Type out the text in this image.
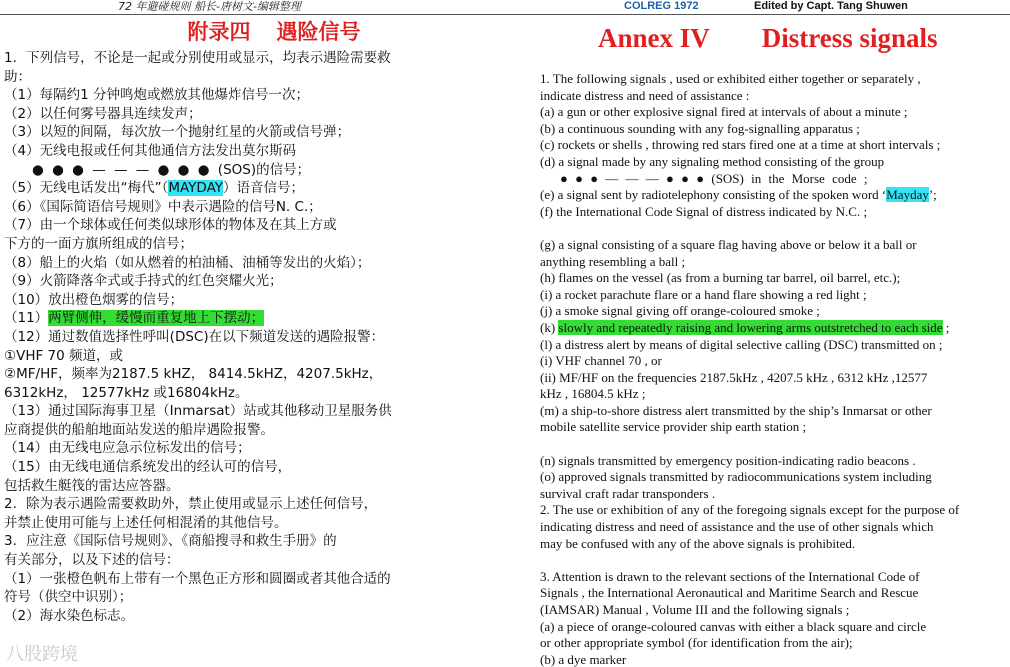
72 年避碰规则 船长-唐树文-编辑整理	COLREG 1972	Edited by Capt. Tang Shuwen
附录四 遇险信号
1．下列信号，不论是一起或分别使用或显示，均表示遇险需要救
助：
（1）每隔约1 分钟鸣炮或燃放其他爆炸信号一次；
（2）以任何雾号器具连续发声；
（3）以短的间隔，每次放一个抛射红星的火箭或信号弹；
（4）无线电报或任何其他通信方法发出莫尔斯码
● ● ● — — — ● ● ● (SOS)的信号；
（5）无线电话发出“梅代”（MAYDAY）语音信号；
（6）《国际简语信号规则》中表示遇险的信号N. C.；
（7）由一个球体或任何类似球形体的物体及在其上方或
下方的一面方旗所组成的信号；
（8）船上的火焰（如从燃着的柏油桶、油桶等发出的火焰）；
（9）火箭降落伞式或手持式的红色突耀火光；
（10）放出橙色烟雾的信号；
（11）两臂侧伸，缓慢而重复地上下摆动；
（12）通过数值选择性呼叫(DSC)在以下频道发送的遇险报警：
①VHF 70 频道，或
②MF/HF，频率为2187.5 kHZ， 8414.5kHZ，4207.5kHz，
6312kHz， 12577kHz 或16804kHz。
（13）通过国际海事卫星（Inmarsat）站或其他移动卫星服务供
应商提供的船舶地面站发送的船岸遇险报警。
（14）由无线电应急示位标发出的信号；
（15）由无线电通信系统发出的经认可的信号，
包括救生艇筏的雷达应答器。
2．除为表示遇险需要救助外，禁止使用或显示上述任何信号，
并禁止使用可能与上述任何相混淆的其他信号。
3．应注意《国际信号规则》、《商船搜寻和救生手册》的
有关部分，以及下述的信号：
（1）一张橙色帆布上带有一个黑色正方形和圆圈或者其他合适的
符号（供空中识别）；
（2）海水染色标志。
Annex IV Distress signals
1. The following signals , used or exhibited either together or separately ,
indicate distress and need of assistance :
(a) a gun or other explosive signal fired at intervals of about a minute ;
(b) a continuous sounding with any fog-signalling apparatus ;
(c) rockets or shells , throwing red stars fired one at a time at short intervals ;
(d) a signal made by any signaling method consisting of the group
● ● ● — — — ● ● ● (SOS) in the Morse code ;
(e) a signal sent by radiotelephony consisting of the spoken word ‘Mayday’;
(f) the International Code Signal of distress indicated by N.C. ;
(g) a signal consisting of a square flag having above or below it a ball or
anything resembling a ball ;
(h) flames on the vessel (as from a burning tar barrel, oil barrel, etc.);
(i) a rocket parachute flare or a hand flare showing a red light ;
(j) a smoke signal giving off orange-coloured smoke ;
(k) slowly and repeatedly raising and lowering arms outstretched to each side ;
(l) a distress alert by means of digital selective calling (DSC) transmitted on ;
(i) VHF channel 70 , or
(ii) MF/HF on the frequencies 2187.5kHz , 4207.5 kHz , 6312 kHz ,12577
kHz , 16804.5 kHz ;
(m) a ship-to-shore distress alert transmitted by the ship’s Inmarsat or other
mobile satellite service provider ship earth station ;
(n) signals transmitted by emergency position-indicating radio beacons .
(o) approved signals transmitted by radiocommunications system including
survival craft radar transponders .
2. The use or exhibition of any of the foregoing signals except for the purpose of
indicating distress and need of assistance and the use of other signals which
may be confused with any of the above signals is prohibited.
3. Attention is drawn to the relevant sections of the International Code of
Signals , the International Aeronautical and Maritime Search and Rescue
(IAMSAR) Manual , Volume III and the following signals ;
(a) a piece of orange-coloured canvas with either a black square and circle
or other appropriate symbol (for identification from the air);
(b) a dye marker
八股跨境
